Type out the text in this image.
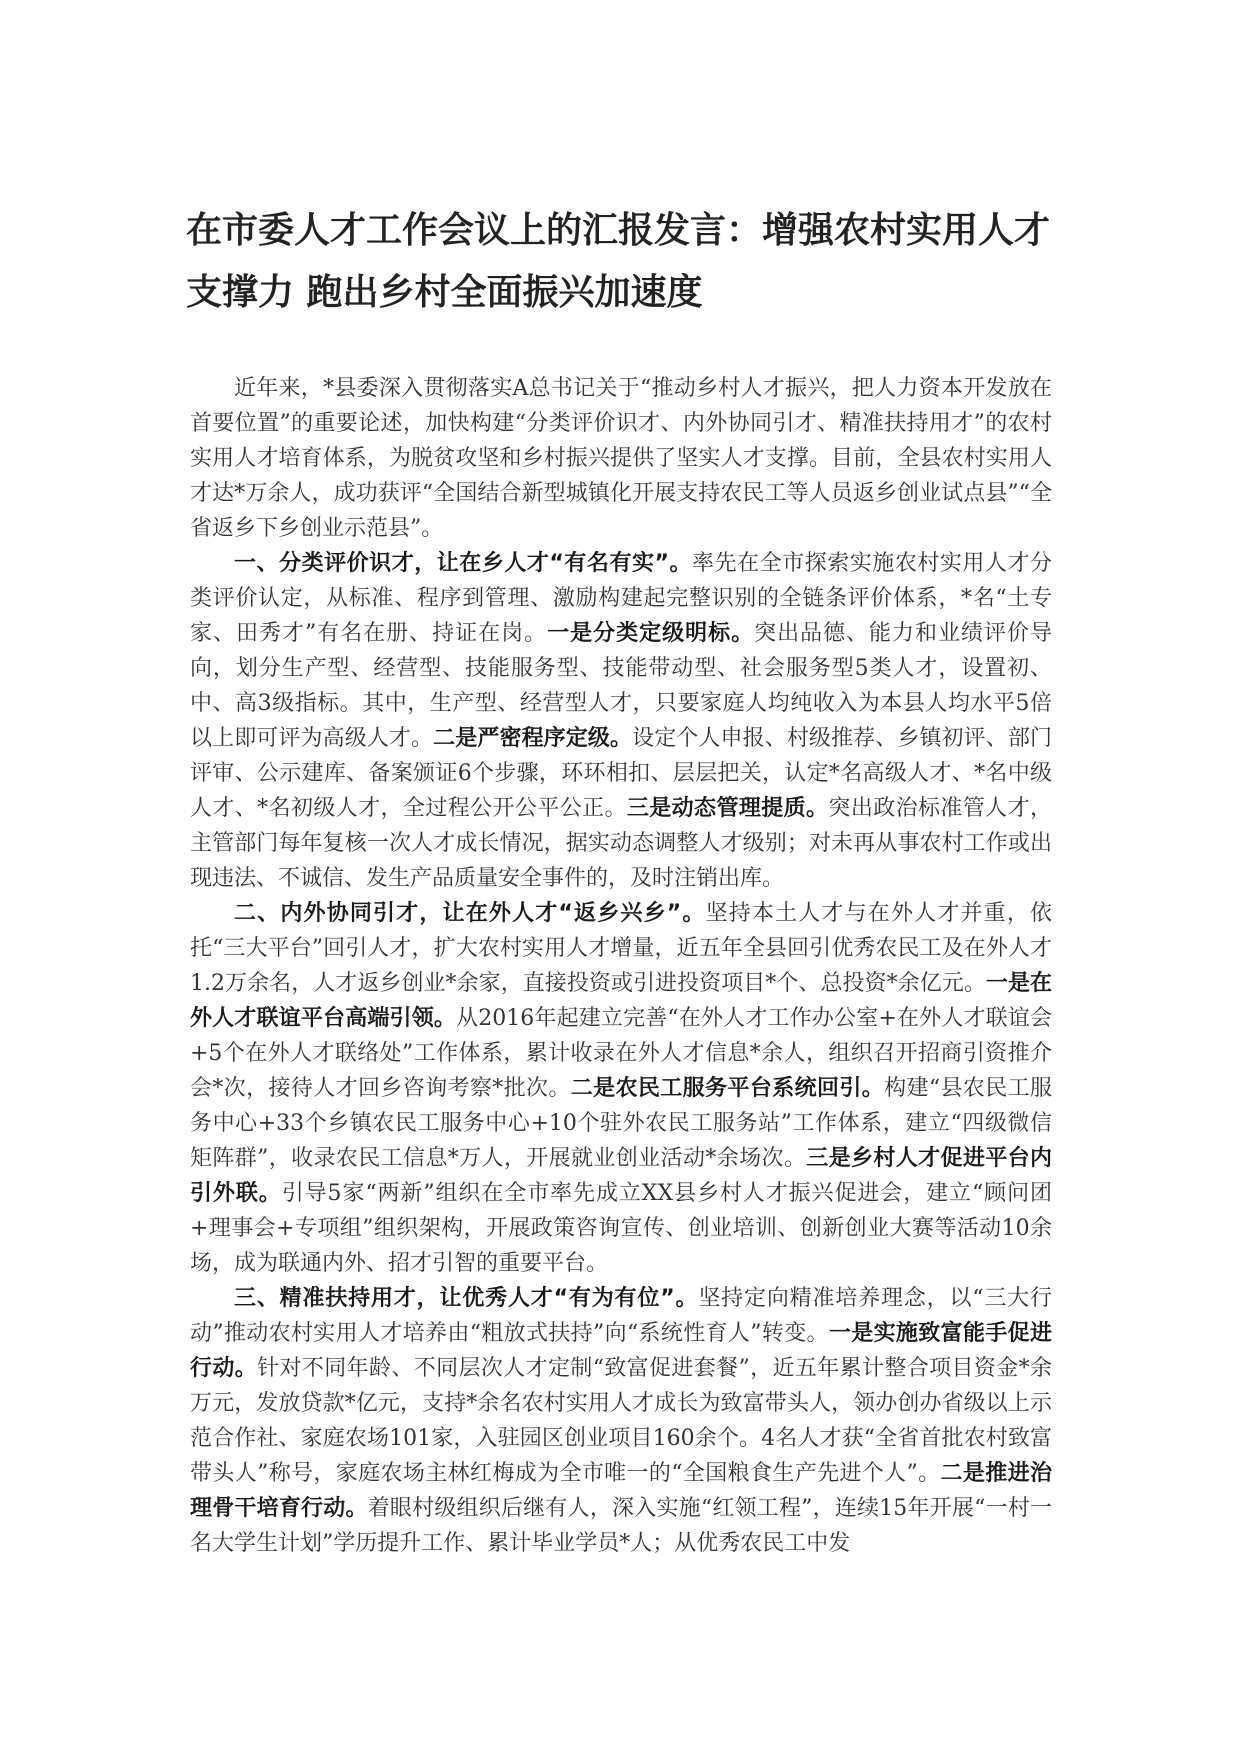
在市委人才工作会议上的汇报发言：增强农村实用人才支撑力 跑出乡村全面振兴加速度

近年来，*县委深入贯彻落实A总书记关于“推动乡村人才振兴，把人力资本开发放在首要位置”的重要论述，加快构建“分类评价识才、内外协同引才、精准扶持用才”的农村实用人才培育体系，为脱贫攻坚和乡村振兴提供了坚实人才支撑。目前，全县农村实用人才达*万余人，成功获评“全国结合新型城镇化开展支持农民工等人员返乡创业试点县”“全省返乡下乡创业示范县”。

一、分类评价识才，让在乡人才“有名有实”。率先在全市探索实施农村实用人才分类评价认定，从标准、程序到管理、激励构建起完整识别的全链条评价体系，*名“土专家、田秀才”有名在册、持证在岗。一是分类定级明标。突出品德、能力和业绩评价导向，划分生产型、经营型、技能服务型、技能带动型、社会服务型5类人才，设置初、中、高3级指标。其中，生产型、经营型人才，只要家庭人均纯收入为本县人均水平5倍以上即可评为高级人才。二是严密程序定级。设定个人申报、村级推荐、乡镇初评、部门评审、公示建库、备案颁证6个步骤，环环相扣、层层把关，认定*名高级人才、*名中级人才、*名初级人才，全过程公开公平公正。三是动态管理提质。突出政治标准管人才，主管部门每年复核一次人才成长情况，据实动态调整人才级别；对未再从事农村工作或出现违法、不诚信、发生产品质量安全事件的，及时注销出库。

二、内外协同引才，让在外人才“返乡兴乡”。坚持本土人才与在外人才并重，依托“三大平台”回引人才，扩大农村实用人才增量，近五年全县回引优秀农民工及在外人才1.2万余名，人才返乡创业*余家，直接投资或引进投资项目*个、总投资*余亿元。一是在外人才联谊平台高端引领。从2016年起建立完善“在外人才工作办公室+在外人才联谊会+5个在外人才联络处”工作体系，累计收录在外人才信息*余人，组织召开招商引资推介会*次，接待人才回乡咨询考察*批次。二是农民工服务平台系统回引。构建“县农民工服务中心+33个乡镇农民工服务中心+10个驻外农民工服务站”工作体系，建立“四级微信矩阵群”，收录农民工信息*万人，开展就业创业活动*余场次。三是乡村人才促进平台内引外联。引导5家“两新”组织在全市率先成立XX县乡村人才振兴促进会，建立“顾问团+理事会+专项组”组织架构，开展政策咨询宣传、创业培训、创新创业大赛等活动10余场，成为联通内外、招才引智的重要平台。

三、精准扶持用才，让优秀人才“有为有位”。坚持定向精准培养理念，以“三大行动”推动农村实用人才培养由“粗放式扶持”向“系统性育人”转变。一是实施致富能手促进行动。针对不同年龄、不同层次人才定制“致富促进套餐”，近五年累计整合项目资金*余万元，发放贷款*亿元，支持*余名农村实用人才成长为致富带头人，领办创办省级以上示范合作社、家庭农场101家，入驻园区创业项目160余个。4名人才获“全省首批农村致富带头人”称号，家庭农场主林红梅成为全市唯一的“全国粮食生产先进个人”。二是推进治理骨干培育行动。着眼村级组织后继有人，深入实施“红领工程”，连续15年开展“一村一名大学生计划”学历提升工作、累计毕业学员*人；从优秀农民工中发
